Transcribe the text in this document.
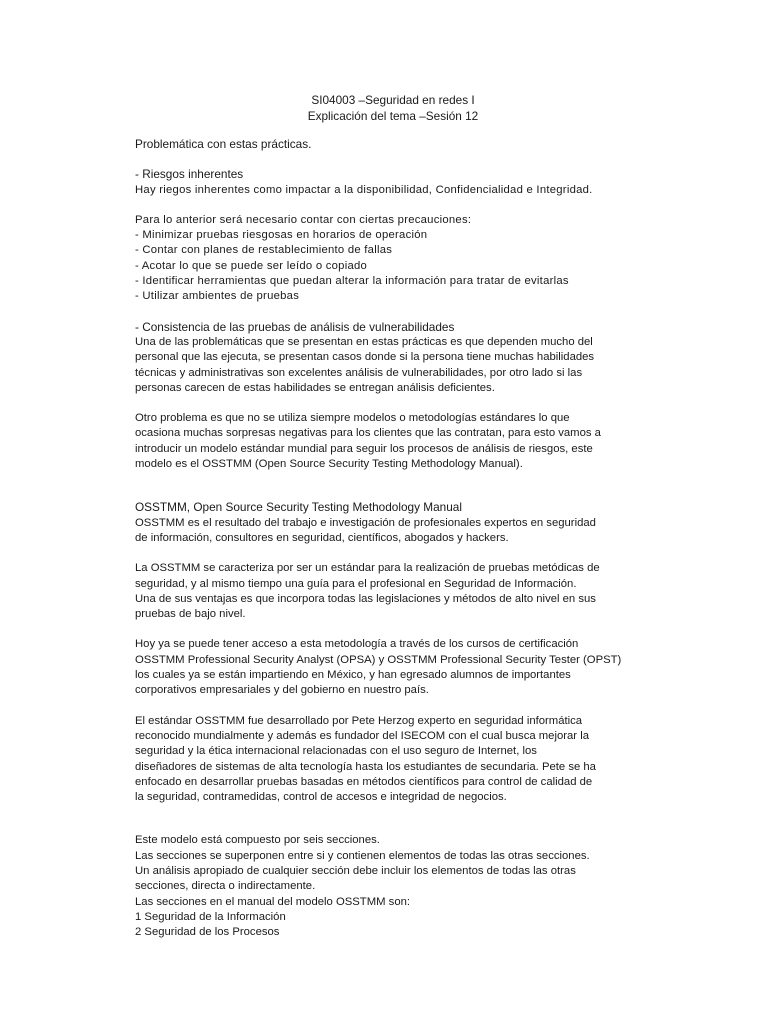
SI04003 –Seguridad en redes I
Explicación del tema –Sesión 12
Problemática con estas prácticas.
- Riesgos inherentes
Hay riegos inherentes como impactar a la disponibilidad, Confidencialidad e Integridad.
Para lo anterior será necesario contar con ciertas precauciones:
- Minimizar pruebas riesgosas en horarios de operación
- Contar con planes de restablecimiento de fallas
- Acotar lo que se puede ser leído o copiado
- Identificar herramientas que puedan alterar la información para tratar de evitarlas
- Utilizar ambientes de pruebas
- Consistencia de las pruebas de análisis de vulnerabilidades
Una de las problemáticas que se presentan en estas prácticas es que dependen mucho del
personal que las ejecuta, se presentan casos donde si la persona tiene muchas habilidades
técnicas y administrativas son excelentes análisis de vulnerabilidades, por otro lado si las
personas carecen de estas habilidades se entregan análisis deficientes.
Otro problema es que no se utiliza siempre modelos o metodologías estándares lo que
ocasiona muchas sorpresas negativas para los clientes que las contratan, para esto vamos a
introducir un modelo estándar mundial para seguir los procesos de análisis de riesgos, este
modelo es el OSSTMM (Open Source Security Testing Methodology Manual).
OSSTMM, Open Source Security Testing Methodology Manual
OSSTMM es el resultado del trabajo e investigación de profesionales expertos en seguridad
de información, consultores en seguridad, científicos, abogados y hackers.
La OSSTMM se caracteriza por ser un estándar para la realización de pruebas metódicas de
seguridad, y al mismo tiempo una guía para el profesional en Seguridad de Información.
Una de sus ventajas es que incorpora todas las legislaciones y métodos de alto nivel en sus
pruebas de bajo nivel.
Hoy ya se puede tener acceso a esta metodología a través de los cursos de certificación
OSSTMM Professional Security Analyst (OPSA) y OSSTMM Professional Security Tester (OPST)
los cuales ya se están impartiendo en México, y han egresado alumnos de importantes
corporativos empresariales y del gobierno en nuestro país.
El estándar OSSTMM fue desarrollado por Pete Herzog experto en seguridad informática
reconocido mundialmente y además es fundador del ISECOM con el cual busca mejorar la
seguridad y la ética internacional relacionadas con el uso seguro de Internet, los
diseñadores de sistemas de alta tecnología hasta los estudiantes de secundaria. Pete se ha
enfocado en desarrollar pruebas basadas en métodos científicos para control de calidad de
la seguridad, contramedidas, control de accesos e integridad de negocios.
Este modelo está compuesto por seis secciones.
Las secciones se superponen entre si y contienen elementos de todas las otras secciones.
Un análisis apropiado de cualquier sección debe incluir los elementos de todas las otras
secciones, directa o indirectamente.
Las secciones en el manual del modelo OSSTMM son:
1 Seguridad de la Información
2 Seguridad de los Procesos
